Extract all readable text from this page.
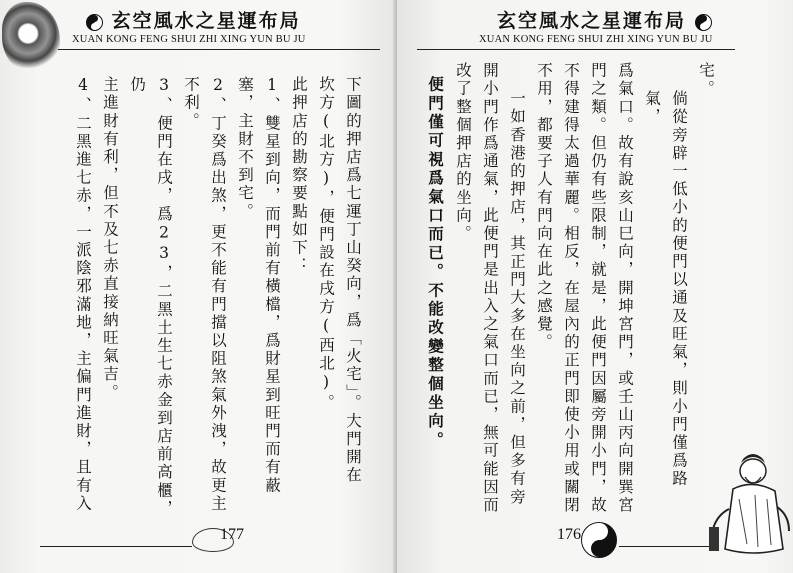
玄空風水之星運布局
XUAN KONG FENG SHUI ZHI XING YUN BU JU

下圖的押店爲七運丁山癸向，爲「火宅」。大門開在

坎方(北方)，便門設在戌方(西北)。

此押店的勘察要點如下：

1、雙星到向，而門前有橫檔，爲財星到旺門而有蔽

塞，主財不到宅。

2、丁癸爲出煞，更不能有門擋以阻煞氣外洩，故更主

不利。

3、便門在戌，爲23，二黑土生七赤金到店前高櫃，仍

主進財有利，但不及七赤直接納旺氣吉。

4、二黑進七赤，一派陰邪滿地，主偏門進財，且有入

177
玄空風水之星運布局
XUAN KONG FENG SHUI ZHI XING YUN BU JU

宅。

倘從旁辟一低小的便門以通及旺氣，則小門僅爲路氣，

爲氣口。故有說亥山巳向，開坤宮門，或壬山丙向開巽宮

門之類。但仍有些限制，就是，此便門因屬旁開小門，故

不得建得太過華麗。相反，在屋內的正門即使小用或關閉

不用，都要子人有門向在此之感覺。

一如香港的押店，其正門大多在坐向之前，但多有旁

開小門作爲通氣，此便門是出入之氣口而已，無可能因而

改了整個押店的坐向。

便門僅可視爲氣口而已。不能改變整個坐向。

176
